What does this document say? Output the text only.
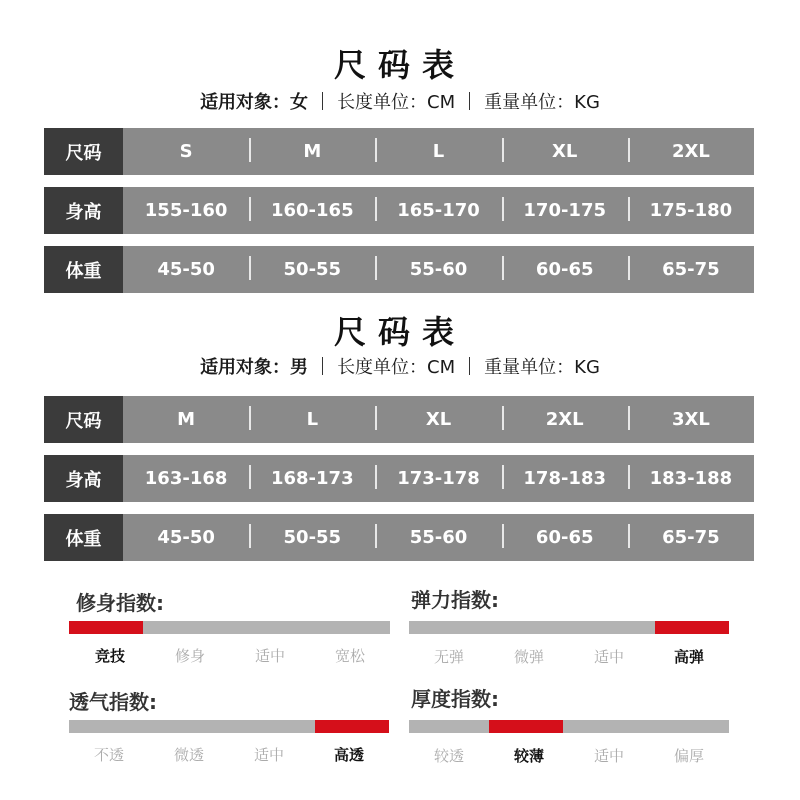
尺码表
适用对象：女	长度单位：CM	重量单位：KG
尺码	S	M	L	XL	2XL
身高	155-160	160-165	165-170	170-175	175-180
体重	45-50	50-55	55-60	60-65	65-75
尺码表
适用对象：男	长度单位：CM	重量单位：KG
尺码	M	L	XL	2XL	3XL
身高	163-168	168-173	173-178	178-183	183-188
体重	45-50	50-55	55-60	60-65	65-75
修身指数:
竞技	修身	适中	宽松
弹力指数:
无弹	微弹	适中	高弹
透气指数:
不透	微透	适中	高透
厚度指数:
较透	较薄	适中	偏厚
